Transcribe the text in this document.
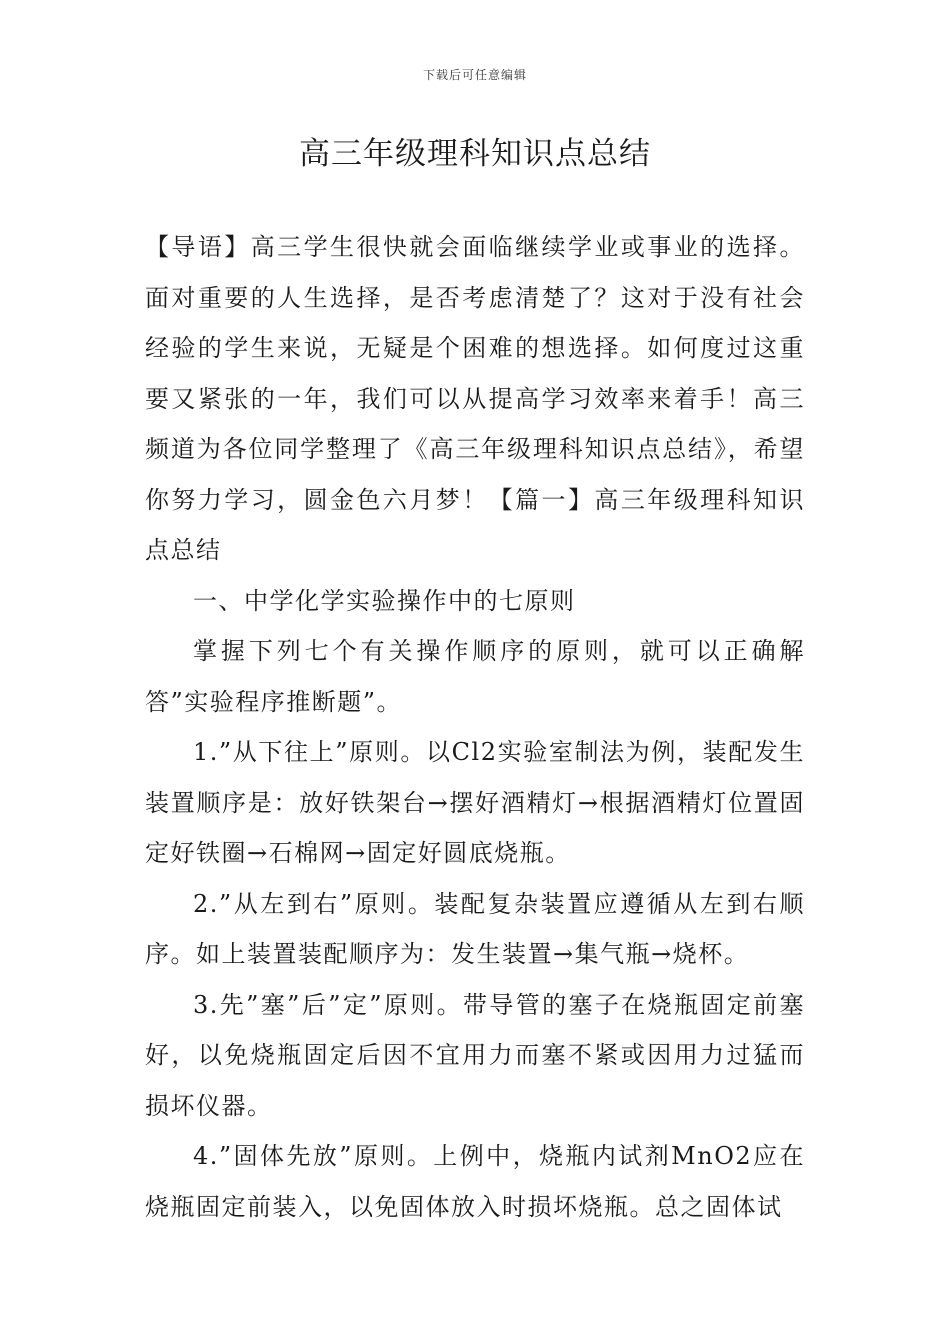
下载后可任意编辑
高三年级理科知识点总结

【导语】高三学生很快就会面临继续学业或事业的选择。面对重要的人生选择，是否考虑清楚了？这对于没有社会经验的学生来说，无疑是个困难的想选择。如何度过这重要又紧张的一年，我们可以从提高学习效率来着手！高三频道为各位同学整理了《高三年级理科知识点总结》，希望你努力学习，圆金色六月梦！【篇一】高三年级理科知识点总结

一、中学化学实验操作中的七原则

掌握下列七个有关操作顺序的原则，就可以正确解答”实验程序推断题”。

1.”从下往上”原则。以Cl2实验室制法为例，装配发生装置顺序是：放好铁架台→摆好酒精灯→根据酒精灯位置固定好铁圈→石棉网→固定好圆底烧瓶。

2.”从左到右”原则。装配复杂装置应遵循从左到右顺序。如上装置装配顺序为：发生装置→集气瓶→烧杯。

3.先”塞”后”定”原则。带导管的塞子在烧瓶固定前塞好，以免烧瓶固定后因不宜用力而塞不紧或因用力过猛而损坏仪器。

4.”固体先放”原则。上例中，烧瓶内试剂MnO2应在烧瓶固定前装入，以免固体放入时损坏烧瓶。总之固体试
